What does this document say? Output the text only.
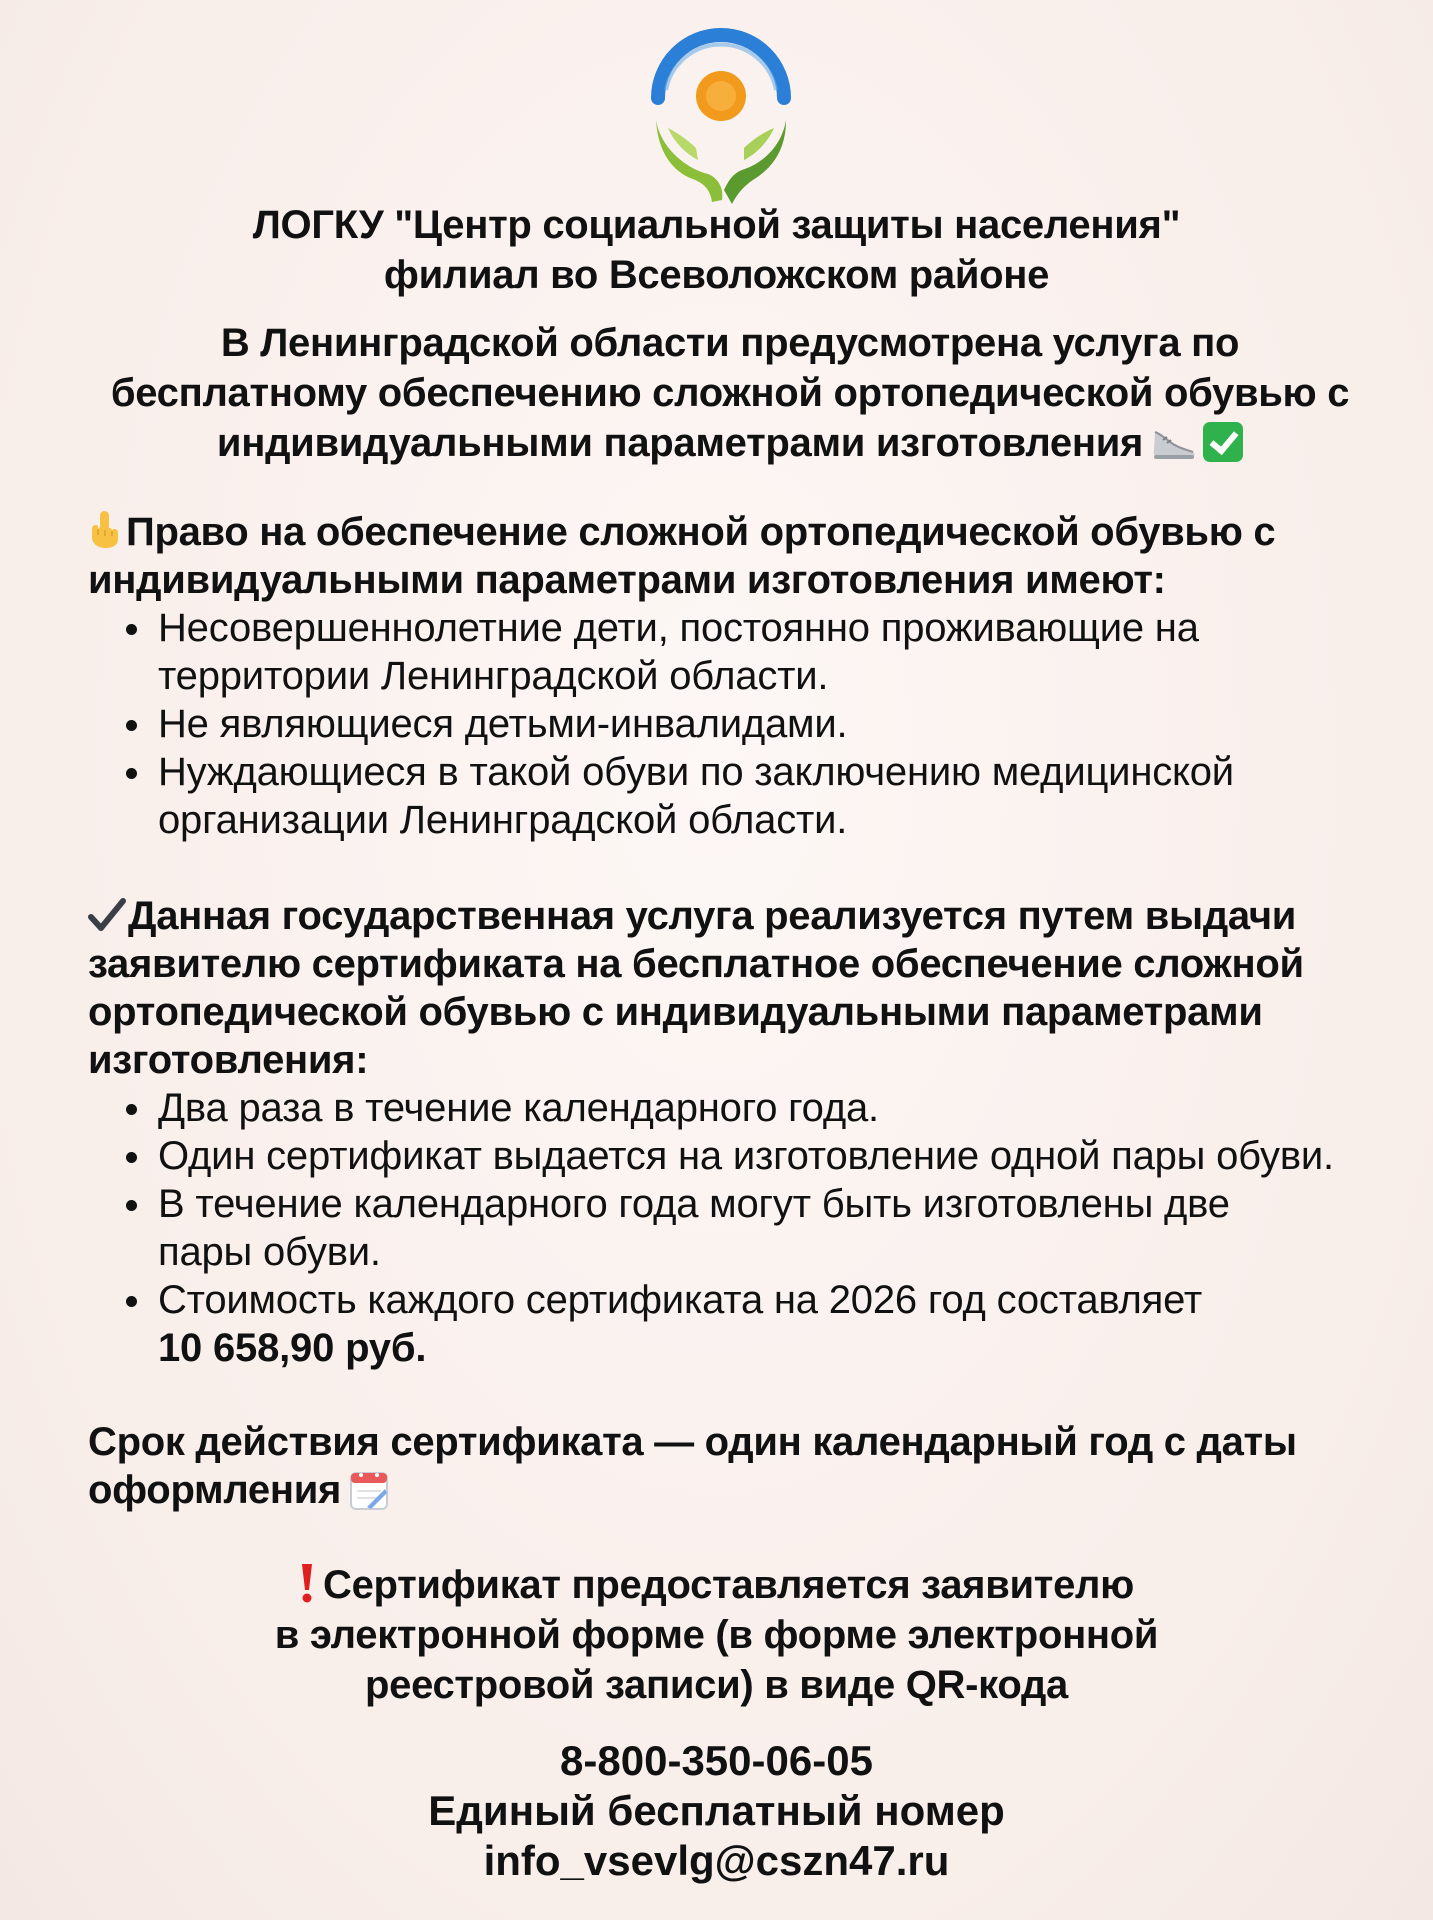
ЛОГКУ "Центр социальной защиты населения"
филиал во Всеволожском районе
В Ленинградской области предусмотрена услуга по
бесплатному обеспечению сложной ортопедической обувью с
индивидуальными параметрами изготовления
Право на обеспечение сложной ортопедической обувью с
индивидуальными параметрами изготовления имеют:
Несовершеннолетние дети, постоянно проживающие на
территории Ленинградской области.
Не являющиеся детьми-инвалидами.
Нуждающиеся в такой обуви по заключению медицинской
организации Ленинградской области.
Данная государственная услуга реализуется путем выдачи
заявителю сертификата на бесплатное обеспечение сложной
ортопедической обувью с индивидуальными параметрами
изготовления:
Два раза в течение календарного года.
Один сертификат выдается на изготовление одной пары обуви.
В течение календарного года могут быть изготовлены две
пары обуви.
Стоимость каждого сертификата на 2026 год составляет
10 658,90 руб.
Срок действия сертификата — один календарный год с даты
оформления
Сертификат предоставляется заявителю
в электронной форме (в форме электронной
реестровой записи) в виде QR-кода
8-800-350-06-05
Единый бесплатный номер
info_vsevlg@cszn47.ru
